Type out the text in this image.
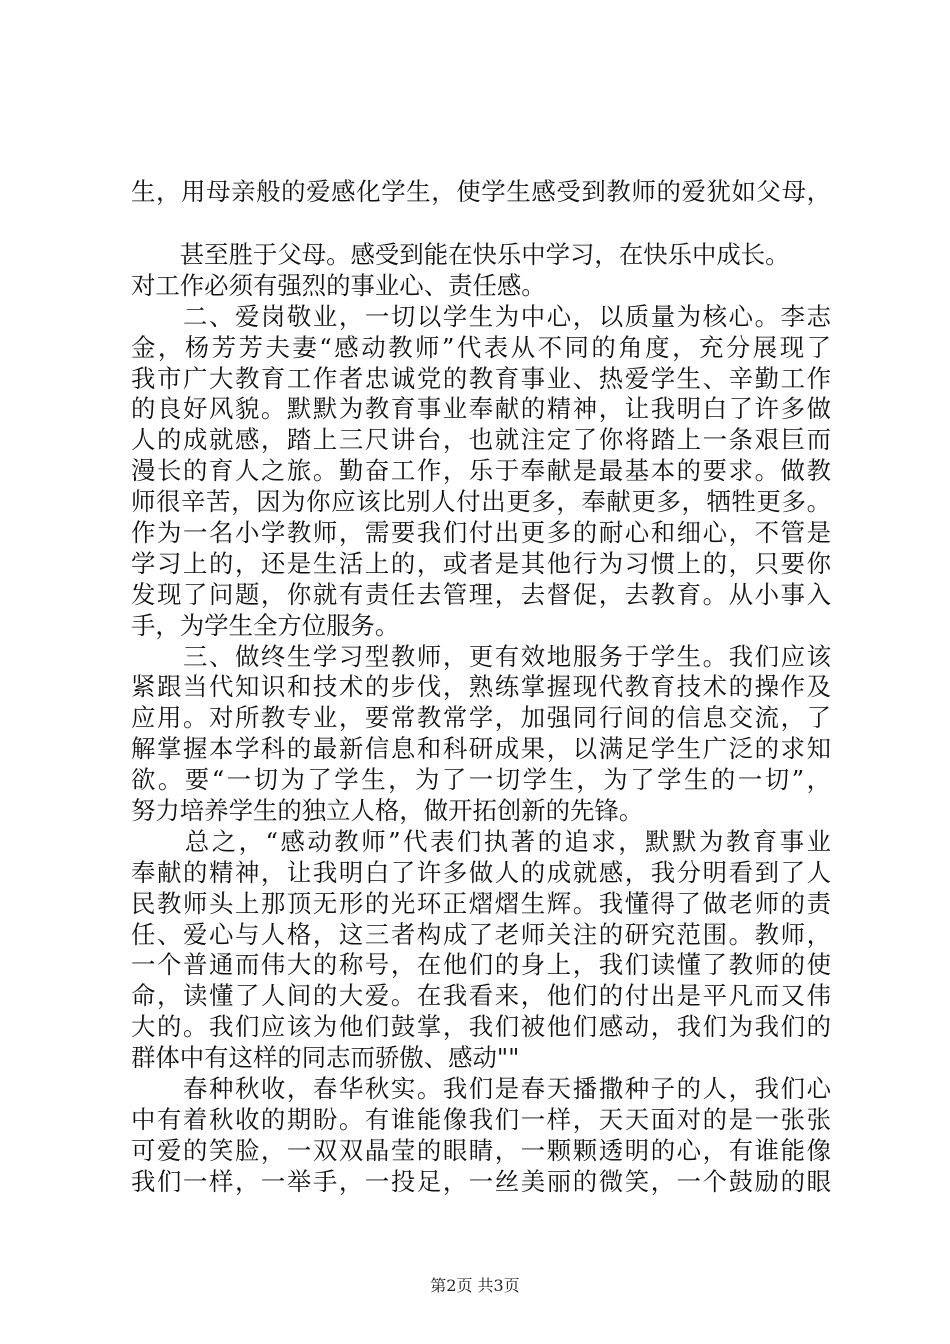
生，用母亲般的爱感化学生，使学生感受到教师的爱犹如父母，
　　甚至胜于父母。感受到能在快乐中学习，在快乐中成长。
对工作必须有强烈的事业心、责任感。
　　二、爱岗敬业，一切以学生为中心，以质量为核心。李志
金，杨芳芳夫妻“感动教师”代表从不同的角度，充分展现了
我市广大教育工作者忠诚党的教育事业、热爱学生、辛勤工作
的良好风貌。默默为教育事业奉献的精神，让我明白了许多做
人的成就感，踏上三尺讲台，也就注定了你将踏上一条艰巨而
漫长的育人之旅。勤奋工作，乐于奉献是最基本的要求。做教
师很辛苦，因为你应该比别人付出更多，奉献更多，牺牲更多。
作为一名小学教师，需要我们付出更多的耐心和细心，不管是
学习上的，还是生活上的，或者是其他行为习惯上的，只要你
发现了问题，你就有责任去管理，去督促，去教育。从小事入
手，为学生全方位服务。
　　三、做终生学习型教师，更有效地服务于学生。我们应该
紧跟当代知识和技术的步伐，熟练掌握现代教育技术的操作及
应用。对所教专业，要常教常学，加强同行间的信息交流，了
解掌握本学科的最新信息和科研成果，以满足学生广泛的求知
欲。要“一切为了学生，为了一切学生，为了学生的一切”，
努力培养学生的独立人格，做开拓创新的先锋。
　　总之，“感动教师”代表们执著的追求，默默为教育事业
奉献的精神，让我明白了许多做人的成就感，我分明看到了人
民教师头上那顶无形的光环正熠熠生辉。我懂得了做老师的责
任、爱心与人格，这三者构成了老师关注的研究范围。教师，
一个普通而伟大的称号，在他们的身上，我们读懂了教师的使
命，读懂了人间的大爱。在我看来，他们的付出是平凡而又伟
大的。我们应该为他们鼓掌，我们被他们感动，我们为我们的
群体中有这样的同志而骄傲、感动""
　　春种秋收，春华秋实。我们是春天播撒种子的人，我们心
中有着秋收的期盼。有谁能像我们一样，天天面对的是一张张
可爱的笑脸，一双双晶莹的眼睛，一颗颗透明的心，有谁能像
我们一样，一举手，一投足，一丝美丽的微笑，一个鼓励的眼
第2页 共3页
